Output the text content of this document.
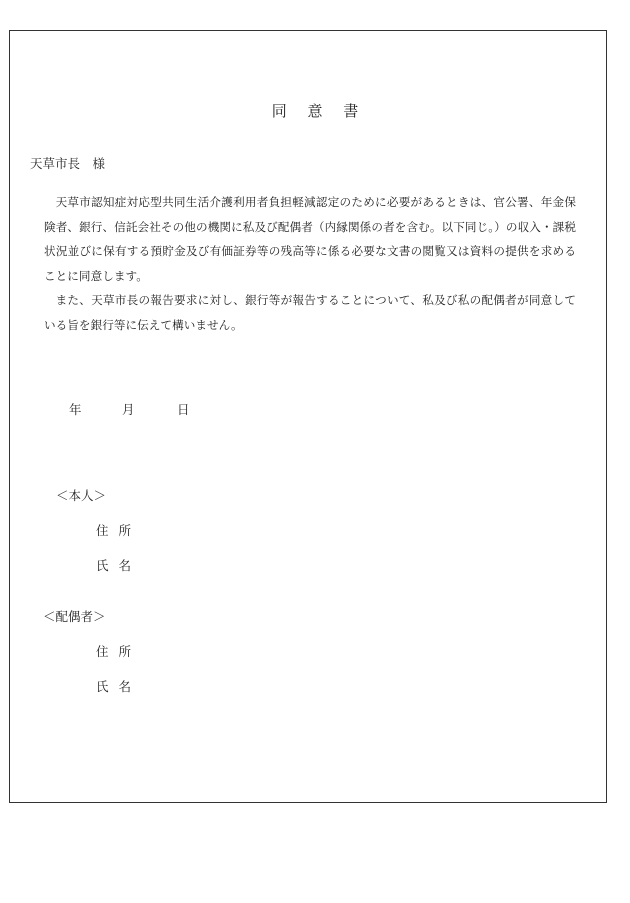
同 意 書
天草市長　様

天草市認知症対応型共同生活介護利用者負担軽減認定のために必要があるときは、官公署、年金保険者、銀行、信託会社その他の機関に私及び配偶者（内縁関係の者を含む。以下同じ。）の収入・課税状況並びに保有する預貯金及び有価証券等の残高等に係る必要な文書の閲覧又は資料の提供を求めることに同意します。

また、天草市長の報告要求に対し、銀行等が報告することについて、私及び私の配偶者が同意している旨を銀行等に伝えて構いません。

年	月	日
＜本人＞
住所
氏名
＜配偶者＞
住所
氏名
